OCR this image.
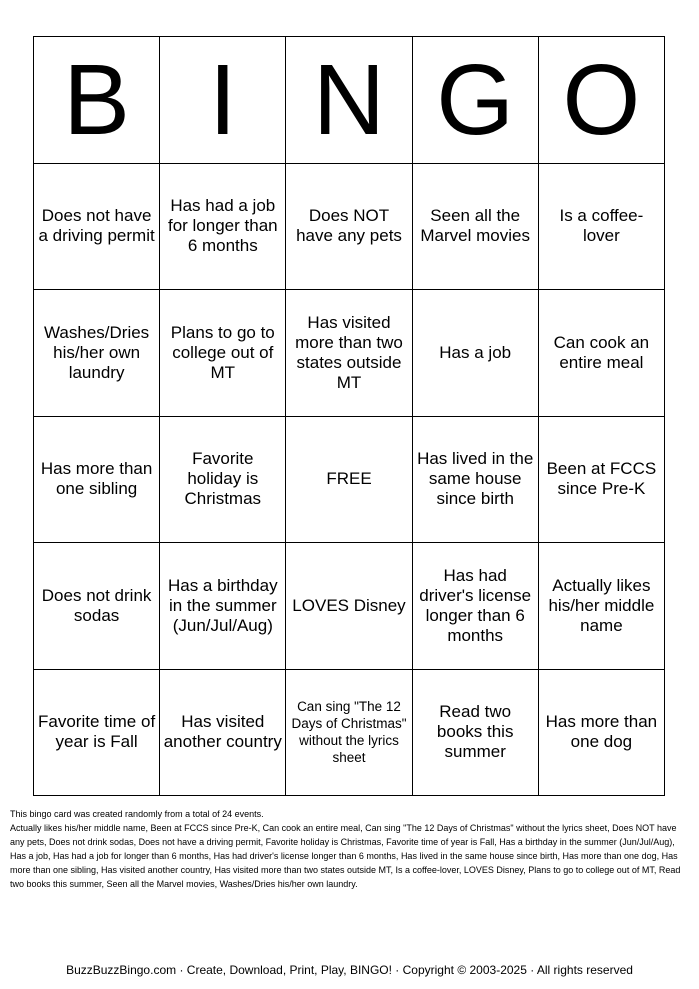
B I N G O
Does not have a driving permit
Has had a job for longer than 6 months
Does NOT have any pets
Seen all the Marvel movies
Is a coffee-lover
Washes/Dries his/her own laundry
Plans to go to college out of MT
Has visited more than two states outside MT
Has a job
Can cook an entire meal
Has more than one sibling
Favorite holiday is Christmas
FREE
Has lived in the same house since birth
Been at FCCS since Pre-K
Does not drink sodas
Has a birthday in the summer (Jun/Jul/Aug)
LOVES Disney
Has had driver's license longer than 6 months
Actually likes his/her middle name
Favorite time of year is Fall
Has visited another country
Can sing "The 12 Days of Christmas" without the lyrics sheet
Read two books this summer
Has more than one dog
This bingo card was created randomly from a total of 24 events.
Actually likes his/her middle name, Been at FCCS since Pre-K, Can cook an entire meal, Can sing "The 12 Days of Christmas" without the lyrics sheet, Does NOT have any pets, Does not drink sodas, Does not have a driving permit, Favorite holiday is Christmas, Favorite time of year is Fall, Has a birthday in the summer (Jun/Jul/Aug), Has a job, Has had a job for longer than 6 months, Has had driver's license longer than 6 months, Has lived in the same house since birth, Has more than one dog, Has more than one sibling, Has visited another country, Has visited more than two states outside MT, Is a coffee-lover, LOVES Disney, Plans to go to college out of MT, Read two books this summer, Seen all the Marvel movies, Washes/Dries his/her own laundry.
BuzzBuzzBingo.com · Create, Download, Print, Play, BINGO! · Copyright © 2003-2025 · All rights reserved
